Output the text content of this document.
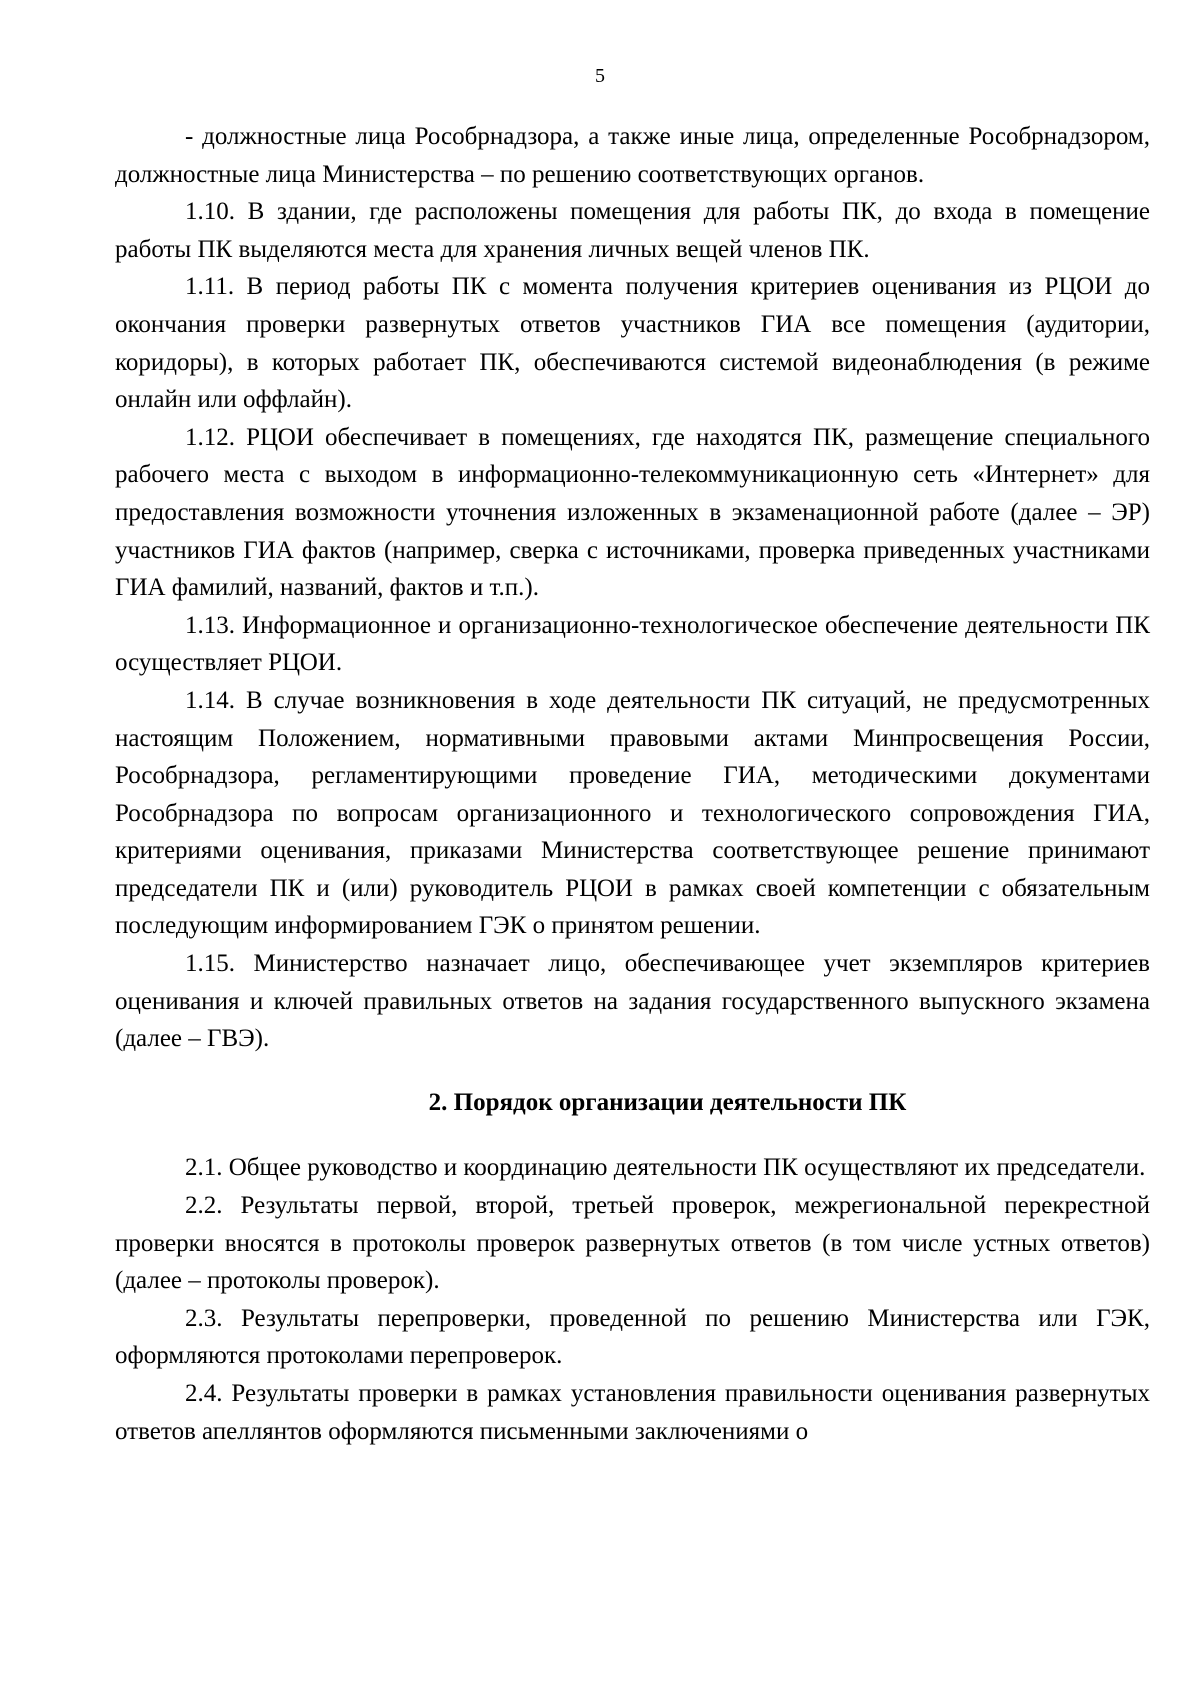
5

- должностные лица Рособрнадзора, а также иные лица, определенные Рособрнадзором, должностные лица Министерства – по решению соответствующих органов.

1.10. В здании, где расположены помещения для работы ПК, до входа в помещение работы ПК выделяются места для хранения личных вещей членов ПК.

1.11. В период работы ПК с момента получения критериев оценивания из РЦОИ до окончания проверки развернутых ответов участников ГИА все помещения (аудитории, коридоры), в которых работает ПК, обеспечиваются системой видеонаблюдения (в режиме онлайн или оффлайн).

1.12. РЦОИ обеспечивает в помещениях, где находятся ПК, размещение специального рабочего места с выходом в информационно-телекоммуникационную сеть «Интернет» для предоставления возможности уточнения изложенных в экзаменационной работе (далее – ЭР) участников ГИА фактов (например, сверка с источниками, проверка приведенных участниками ГИА фамилий, названий, фактов и т.п.).

1.13. Информационное и организационно-технологическое обеспечение деятельности ПК осуществляет РЦОИ.

1.14. В случае возникновения в ходе деятельности ПК ситуаций, не предусмотренных настоящим Положением, нормативными правовыми актами Минпросвещения России, Рособрнадзора, регламентирующими проведение ГИА, методическими документами Рособрнадзора по вопросам организационного и технологического сопровождения ГИА, критериями оценивания, приказами Министерства соответствующее решение принимают председатели ПК и (или) руководитель РЦОИ в рамках своей компетенции с обязательным последующим информированием ГЭК о принятом решении.

1.15. Министерство назначает лицо, обеспечивающее учет экземпляров критериев оценивания и ключей правильных ответов на задания государственного выпускного экзамена (далее – ГВЭ).

2. Порядок организации деятельности ПК

2.1. Общее руководство и координацию деятельности ПК осуществляют их председатели.

2.2. Результаты первой, второй, третьей проверок, межрегиональной перекрестной проверки вносятся в протоколы проверок развернутых ответов (в том числе устных ответов) (далее – протоколы проверок).

2.3. Результаты перепроверки, проведенной по решению Министерства или ГЭК, оформляются протоколами перепроверок.

2.4. Результаты проверки в рамках установления правильности оценивания развернутых ответов апеллянтов оформляются письменными заключениями о
